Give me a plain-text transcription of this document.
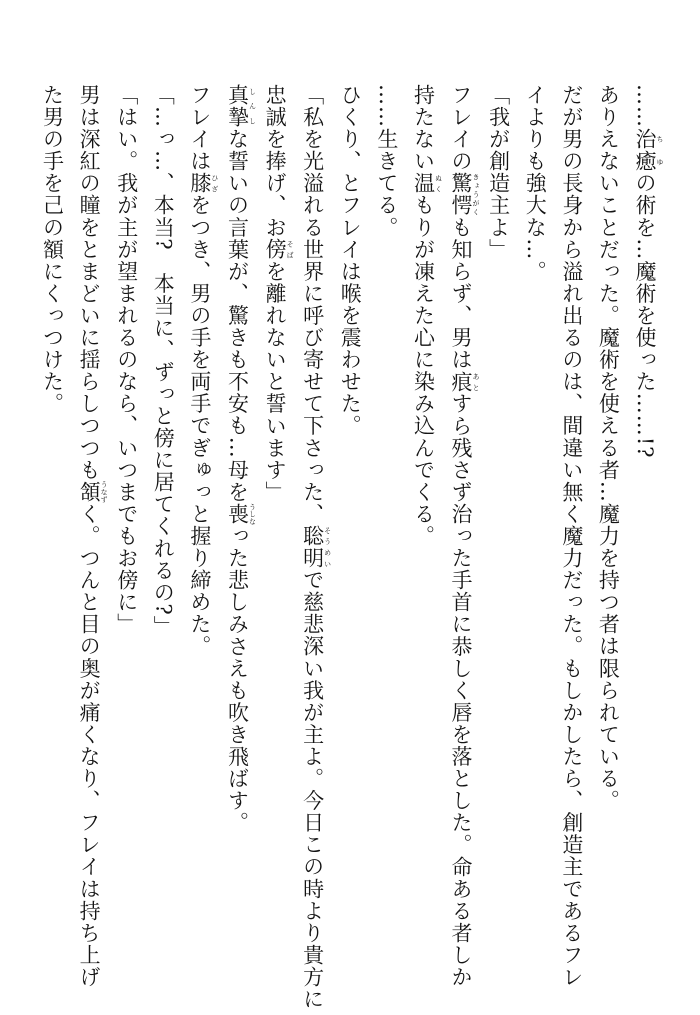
……治癒 ちゆの術を…魔術を使った……!?
ありえないことだった。魔術を使える者…魔力を持つ者は限られている。
だが男の長身から溢れ出るのは、間違い無く魔力だった。もしかしたら、創造主であるフレ
イよりも強大な…。
「我が創造主よ」
フレイの驚愕 きょうがくも知らず、男は痕 あとすら残さず治った手首に恭しく唇を落とした。命ある者しか
持たない温 ぬくもりが凍えた心に染み込んでくる。
……生きてる。
ひくり、とフレイは喉を震わせた。
「私を光溢れる世界に呼び寄せて下さった、聡明 そうめいで慈悲深い我が主よ。今日この時より貴方に
忠誠を捧げ、お傍 そばを離れないと誓います」
真摯 しんしな誓いの言葉が、驚きも不安も…母を喪 うしなった悲しみさえも吹き飛ばす。
フレイは膝 ひざをつき、男の手を両手でぎゅっと握り締めた。
「…っ…、本当?　本当に、ずっと傍に居てくれるの?」
「はい。我が主が望まれるのなら、いつまでもお傍に」
男は深紅の瞳をとまどいに揺らしつつも頷 うなずく。つんと目の奥が痛くなり、フレイは持ち上げ
た男の手を己の額にくっつけた。
